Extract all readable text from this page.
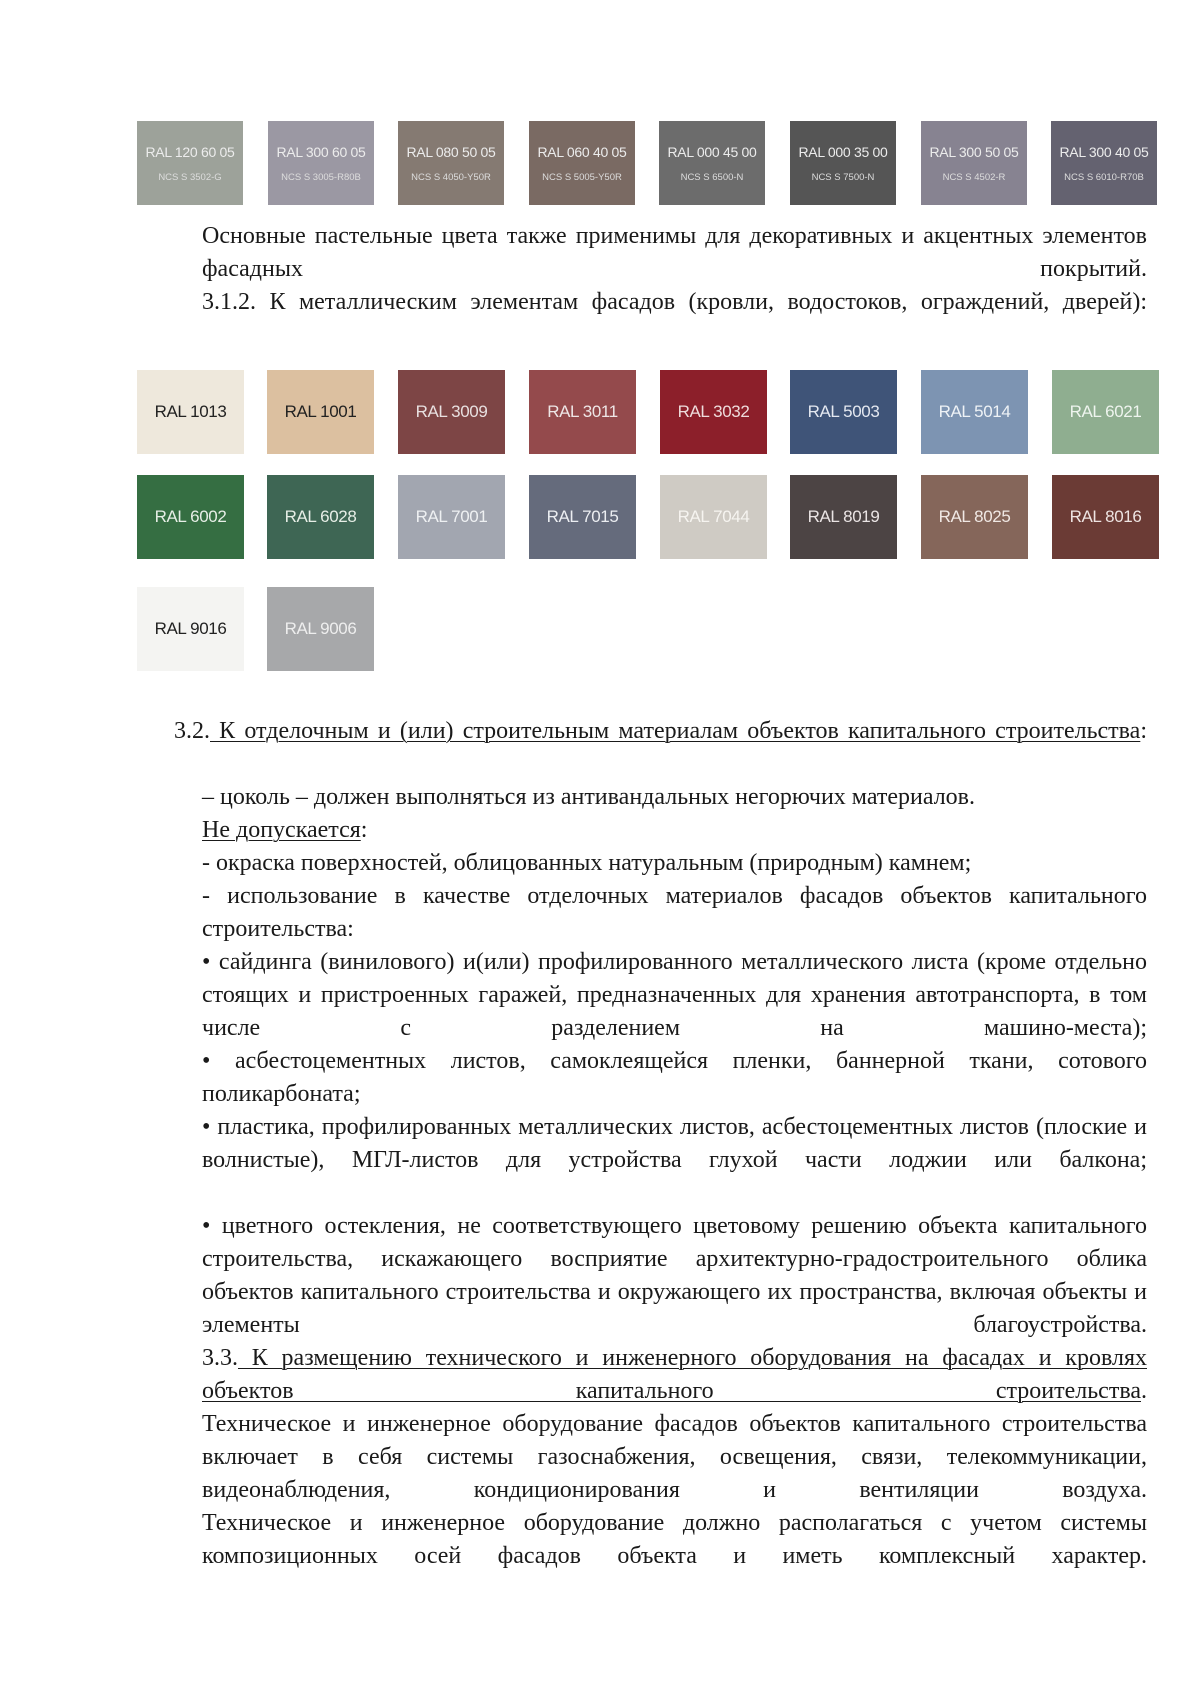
RAL 120 60 05
NCS S 3502-G
RAL 300 60 05
NCS S 3005-R80B
RAL 080 50 05
NCS S 4050-Y50R
RAL 060 40 05
NCS S 5005-Y50R
RAL 000 45 00
NCS S 6500-N
RAL 000 35 00
NCS S 7500-N
RAL 300 50 05
NCS S 4502-R
RAL 300 40 05
NCS S 6010-R70B
Основные пастельные цвета также применимы для декоративных и акцентных элементов фасадных покрытий.
3.1.2. К металлическим элементам фасадов (кровли, водостоков, ограждений, дверей):
RAL 1013	RAL 1001	RAL 3009	RAL 3011	RAL 3032	RAL 5003	RAL 5014	RAL 6021
RAL 6002	RAL 6028	RAL 7001	RAL 7015	RAL 7044	RAL 8019	RAL 8025	RAL 8016
RAL 9016	RAL 9006
3.2. К отделочным и (или) строительным материалам объектов капитального строительства:
– цоколь – должен выполняться из антивандальных негорючих материалов.
Не допускается:
- окраска поверхностей, облицованных натуральным (природным) камнем;
- использование в качестве отделочных материалов фасадов объектов капитального строительства:
• сайдинга (винилового) и(или) профилированного металлического листа (кроме отдельно стоящих и пристроенных гаражей, предназначенных для хранения автотранспорта, в том числе с разделением на машино-места);
• асбестоцементных листов, самоклеящейся пленки, баннерной ткани, сотового поликарбоната;
• пластика, профилированных металлических листов, асбестоцементных листов (плоские и волнистые), МГЛ-листов для устройства глухой части лоджии или балкона;
• цветного остекления, не соответствующего цветовому решению объекта капитального строительства, искажающего восприятие архитектурно-градостроительного облика объектов капитального строительства и окружающего их пространства, включая объекты и элементы благоустройства.
3.3. К размещению технического и инженерного оборудования на фасадах и кровлях объектов капитального строительства.
Техническое и инженерное оборудование фасадов объектов капитального строительства включает в себя системы газоснабжения, освещения, связи, телекоммуникации, видеонаблюдения, кондиционирования и вентиляции воздуха.
Техническое и инженерное оборудование должно располагаться с учетом системы композиционных осей фасадов объекта и иметь комплексный характер.
